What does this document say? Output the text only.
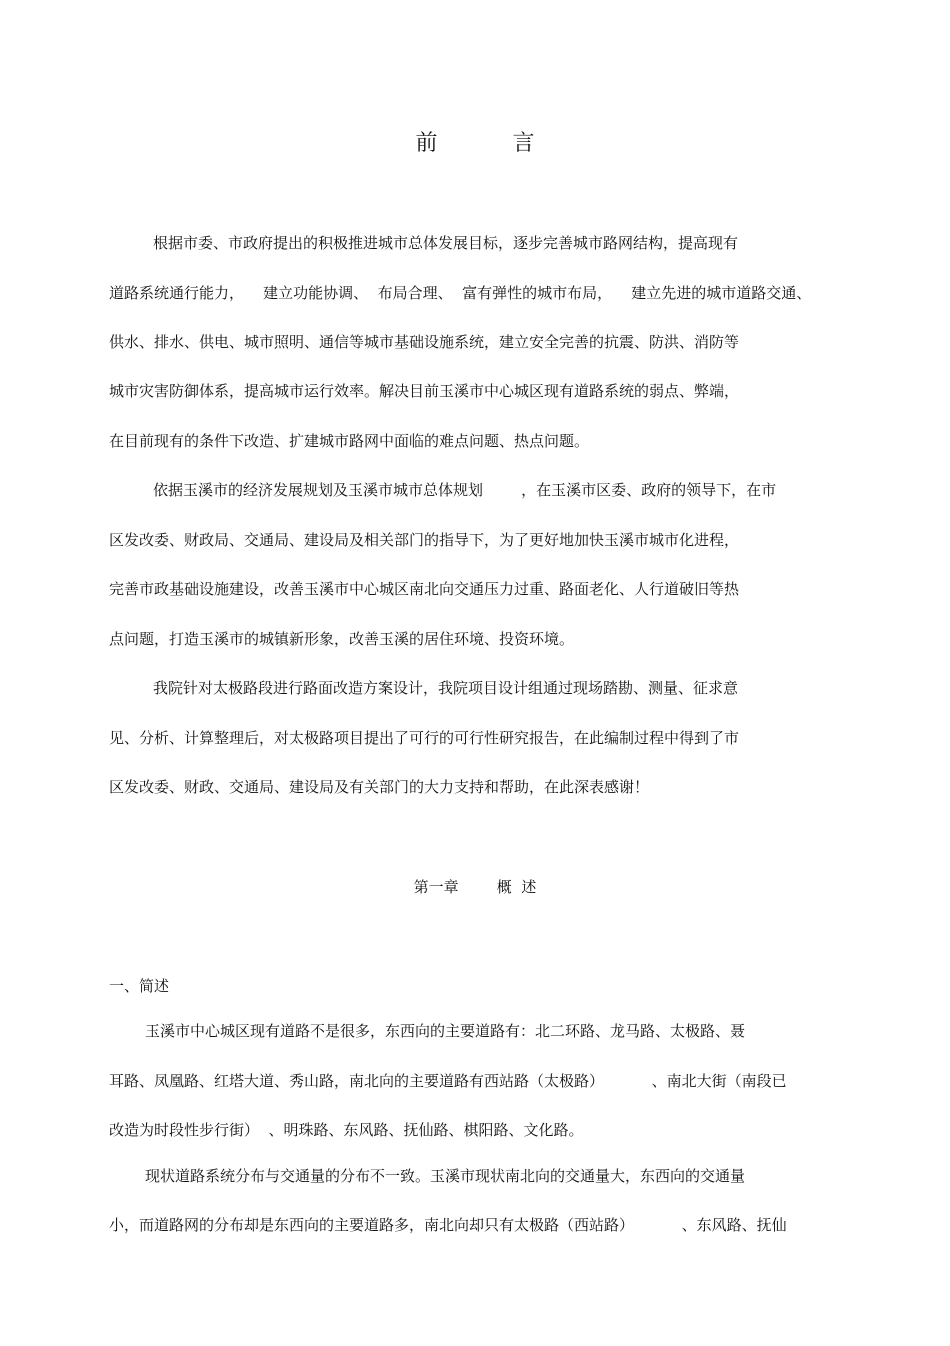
前 言
根据市委、市政府提出的积极推进城市总体发展目标，逐步完善城市路网结构，提高现有
道路系统通行能力，    建立功能协调、  布局合理、  富有弹性的城市布局，    建立先进的城市道路交通、
供水、排水、供电、城市照明、通信等城市基础设施系统，建立安全完善的抗震、防洪、消防等
城市灾害防御体系，提高城市运行效率。解决目前玉溪市中心城区现有道路系统的弱点、弊端，
在目前现有的条件下改造、扩建城市路网中面临的难点问题、热点问题。
依据玉溪市的经济发展规划及玉溪市城市总体规划        ，在玉溪市区委、政府的领导下，在市
区发改委、财政局、交通局、建设局及相关部门的指导下，为了更好地加快玉溪市城市化进程，
完善市政基础设施建设，改善玉溪市中心城区南北向交通压力过重、路面老化、人行道破旧等热
点问题，打造玉溪市的城镇新形象，改善玉溪的居住环境、投资环境。
我院针对太极路段进行路面改造方案设计，我院项目设计组通过现场踏勘、测量、征求意
见、分析、计算整理后，对太极路项目提出了可行的可行性研究报告，在此编制过程中得到了市
区发改委、财政、交通局、建设局及有关部门的大力支持和帮助，在此深表感谢！
第一章        概  述
一、简述
玉溪市中心城区现有道路不是很多，东西向的主要道路有：北二环路、龙马路、太极路、聂
耳路、凤凰路、红塔大道、秀山路，南北向的主要道路有西站路（太极路）          、南北大街（南段已
改造为时段性步行街）  、明珠路、东风路、抚仙路、棋阳路、文化路。
现状道路系统分布与交通量的分布不一致。玉溪市现状南北向的交通量大，东西向的交通量
小，而道路网的分布却是东西向的主要道路多，南北向却只有太极路（西站路）          、东风路、抚仙
